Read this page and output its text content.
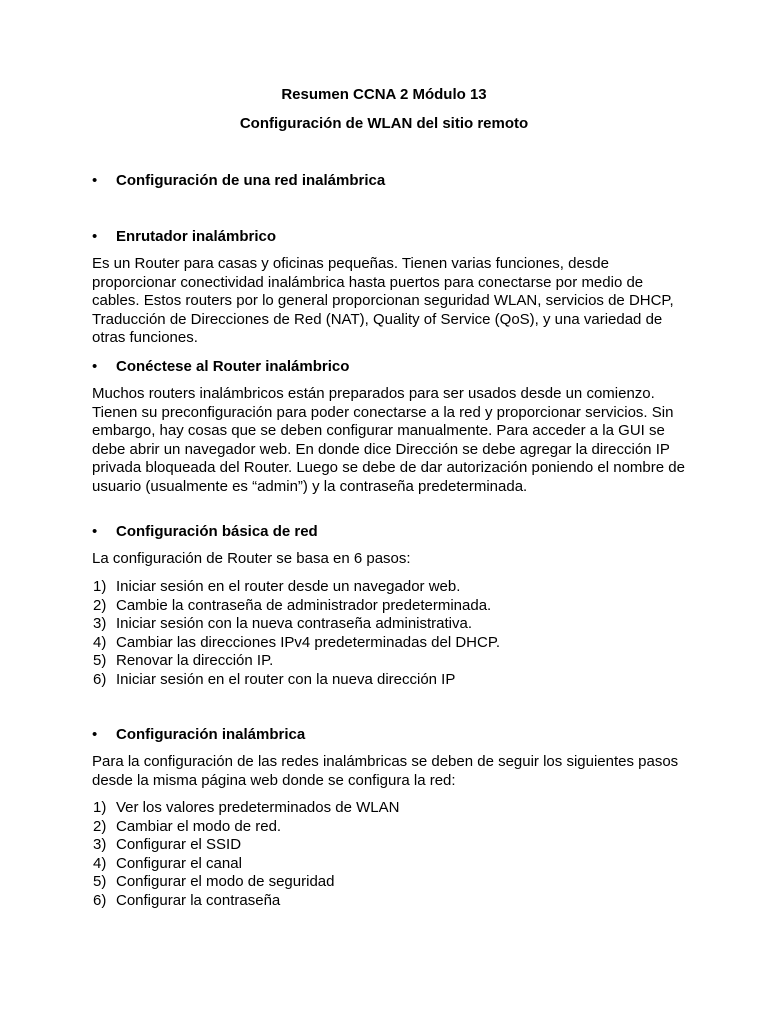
Resumen CCNA 2 Módulo 13

Configuración de WLAN del sitio remoto

• Configuración de una red inalámbrica

• Enrutador inalámbrico

Es un Router para casas y oficinas pequeñas. Tienen varias funciones, desde proporcionar conectividad inalámbrica hasta puertos para conectarse por medio de cables. Estos routers por lo general proporcionan seguridad WLAN, servicios de DHCP, Traducción de Direcciones de Red (NAT), Quality of Service (QoS), y una variedad de otras funciones.

• Conéctese al Router inalámbrico

Muchos routers inalámbricos están preparados para ser usados desde un comienzo. Tienen su preconfiguración para poder conectarse a la red y proporcionar servicios. Sin embargo, hay cosas que se deben configurar manualmente. Para acceder a la GUI se debe abrir un navegador web. En donde dice Dirección se debe agregar la dirección IP privada bloqueada del Router. Luego se debe de dar autorización poniendo el nombre de usuario (usualmente es “admin”) y la contraseña predeterminada.

• Configuración básica de red

La configuración de Router se basa en 6 pasos:

1) Iniciar sesión en el router desde un navegador web.
2) Cambie la contraseña de administrador predeterminada.
3) Iniciar sesión con la nueva contraseña administrativa.
4) Cambiar las direcciones IPv4 predeterminadas del DHCP.
5) Renovar la dirección IP.
6) Iniciar sesión en el router con la nueva dirección IP

• Configuración inalámbrica

Para la configuración de las redes inalámbricas se deben de seguir los siguientes pasos desde la misma página web donde se configura la red:

1) Ver los valores predeterminados de WLAN
2) Cambiar el modo de red.
3) Configurar el SSID
4) Configurar el canal
5) Configurar el modo de seguridad
6) Configurar la contraseña
